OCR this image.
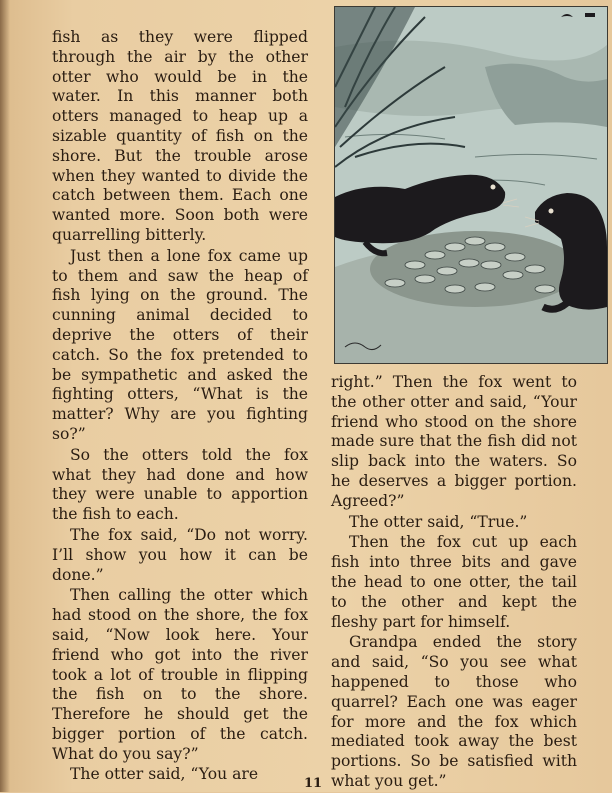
fish as they were flipped through the air by the other otter who would be in the water. In this manner both otters managed to heap up a sizable quantity of fish on the shore. But the trouble arose when they wanted to divide the catch between them. Each one wanted more. Soon both were quarrelling bitterly.

Just then a lone fox came up to them and saw the heap of fish lying on the ground. The cunning animal decided to deprive the otters of their catch. So the fox pretended to be sympathetic and asked the fighting otters, “What is the matter? Why are you fighting so?”

So the otters told the fox what they had done and how they were unable to apportion the fish to each.

The fox said, “Do not worry. I’ll show you how it can be done.”

Then calling the otter which had stood on the shore, the fox said, “Now look here. Your friend who got into the river took a lot of trouble in flipping the fish on to the shore. Therefore he should get the bigger portion of the catch. What do you say?”

The otter said, “You are

right.” Then the fox went to the other otter and said, “Your friend who stood on the shore made sure that the fish did not slip back into the waters. So he deserves a bigger portion. Agreed?”

The otter said, “True.”

Then the fox cut up each fish into three bits and gave the head to one otter, the tail to the other and kept the fleshy part for himself.

Grandpa ended the story and said, “So you see what happened to those who quarrel? Each one was eager for more and the fox which mediated took away the best portions. So be satisfied with what you get.”

11
